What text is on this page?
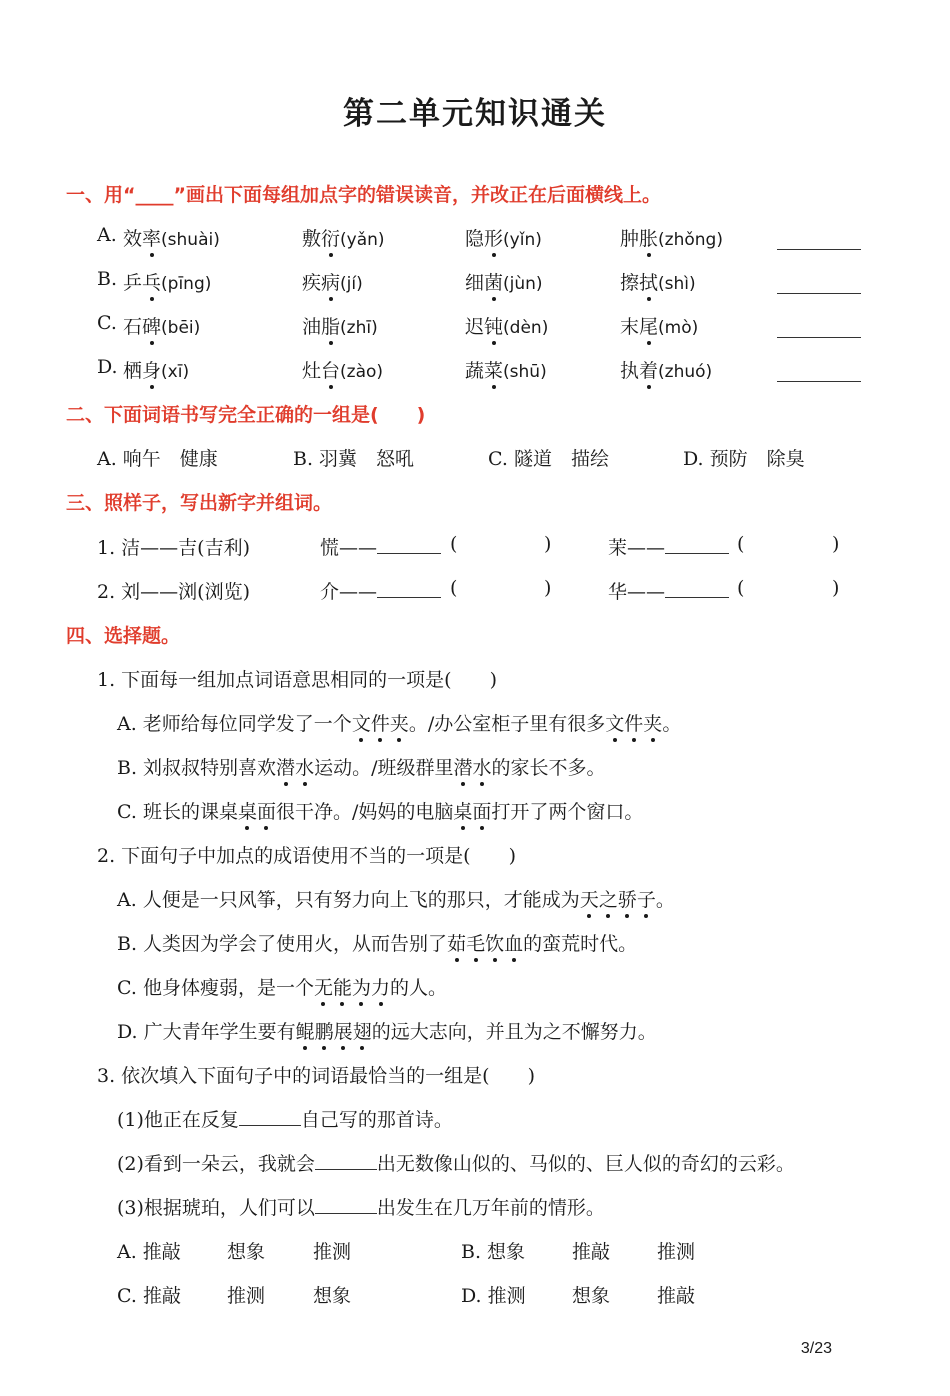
第二单元知识通关
一、用“____”画出下面每组加点字的错误读音，并改正在后面横线上。
A. 效率(shuài)	敷衍(yǎn)	隐形(yǐn)	肿胀(zhǒng)
B. 乒乓(pīng)	疾病(jí)	细菌(jùn)	擦拭(shì)
C. 石碑(bēi)	油脂(zhī)	迟钝(dèn)	末尾(mò)
D. 栖身(xī)	灶台(zào)	蔬菜(shū)	执着(zhuó)
二、下面词语书写完全正确的一组是(　　)
A. 响午　健康	B. 羽冀　怒吼	C. 隧道　描绘	D. 预防　除臭
三、照样子，写出新字并组词。
1. 洁——吉(吉利)	慌——	(	)	茉——	(	)
2. 刘——浏(浏览)	介——	(	)	华——	(	)
四、选择题。
1. 下面每一组加点词语意思相同的一项是(　　)
A. 老师给每位同学发了一个文件夹。/办公室柜子里有很多文件夹。
B. 刘叔叔特别喜欢潜水运动。/班级群里潜水的家长不多。
C. 班长的课桌桌面很干净。/妈妈的电脑桌面打开了两个窗口。
2. 下面句子中加点的成语使用不当的一项是(　　)
A. 人便是一只风筝，只有努力向上飞的那只，才能成为天之骄子。
B. 人类因为学会了使用火，从而告别了茹毛饮血的蛮荒时代。
C. 他身体瘦弱，是一个无能为力的人。
D. 广大青年学生要有鲲鹏展翅的远大志向，并且为之不懈努力。
3. 依次填入下面句子中的词语最恰当的一组是(　　)
(1)他正在反复	自己写的那首诗。
(2)看到一朵云，我就会	出无数像山似的、马似的、巨人似的奇幻的云彩。
(3)根据琥珀，人们可以	出发生在几万年前的情形。
A. 推敲 想象	推测	B. 想象 推敲 推测
C. 推敲 推测	想象	D. 推测 想象 推敲
3/23
